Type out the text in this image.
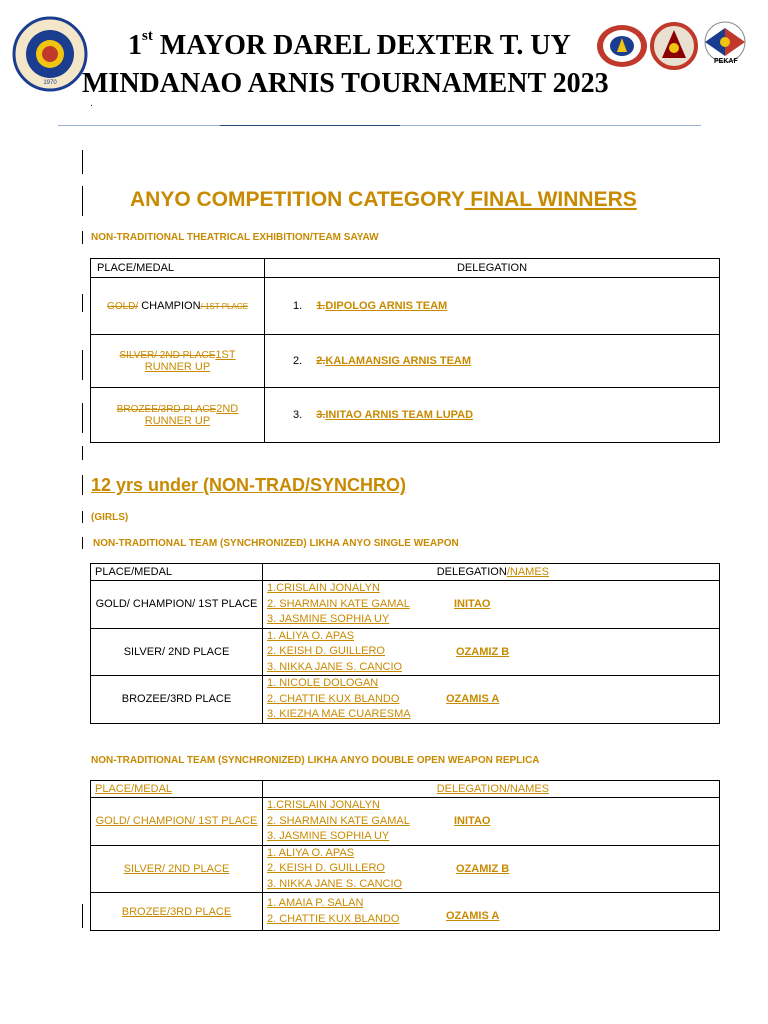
1970
PEKAF
1st MAYOR DAREL DEXTER T. UY
MINDANAO ARNIS TOURNAMENT 2023
.
ANYO COMPETITION CATEGORY FINAL WINNERS
NON-TRADITIONAL THEATRICAL EXHIBITION/TEAM SAYAW
PLACE/MEDAL	DELEGATION
GOLD/ CHAMPION/ 1ST PLACE	1. 1.DIPOLOG ARNIS TEAM
SILVER/ 2ND PLACE1ST RUNNER UP	2. 2.KALAMANSIG ARNIS TEAM
BROZEE/3RD PLACE2ND RUNNER UP	3. 3.INITAO ARNIS TEAM LUPAD
12 yrs under (NON-TRAD/SYNCHRO)
(GIRLS)
NON-TRADITIONAL TEAM (SYNCHRONIZED) LIKHA ANYO SINGLE WEAPON
PLACE/MEDAL	DELEGATION/NAMES
GOLD/ CHAMPION/ 1ST PLACE	1.CRISLAIN JONALYN
2. SHARMAIN KATE GAMAL
3. JASMINE SOPHIA UY
INITAO

SILVER/ 2ND PLACE	1. ALIYA O. APAS
2. KEISH D. GUILLERO
3. NIKKA JANE S. CANCIO
OZAMIZ B

BROZEE/3RD PLACE	1. NICOLE DOLOGAN
2. CHATTIE KUX BLANDO
3. KIEZHA MAE CUARESMA
OZAMIS A
NON-TRADITIONAL TEAM (SYNCHRONIZED) LIKHA ANYO DOUBLE OPEN WEAPON REPLICA
PLACE/MEDAL	DELEGATION/NAMES
GOLD/ CHAMPION/ 1ST PLACE	1.CRISLAIN JONALYN
2. SHARMAIN KATE GAMAL
3. JASMINE SOPHIA UY
INITAO

SILVER/ 2ND PLACE	1. ALIYA O. APAS
2. KEISH D. GUILLERO
3. NIKKA JANE S. CANCIO
OZAMIZ B

BROZEE/3RD PLACE	1. AMAIA P. SALAN
2. CHATTIE KUX BLANDO OZAMIS A
